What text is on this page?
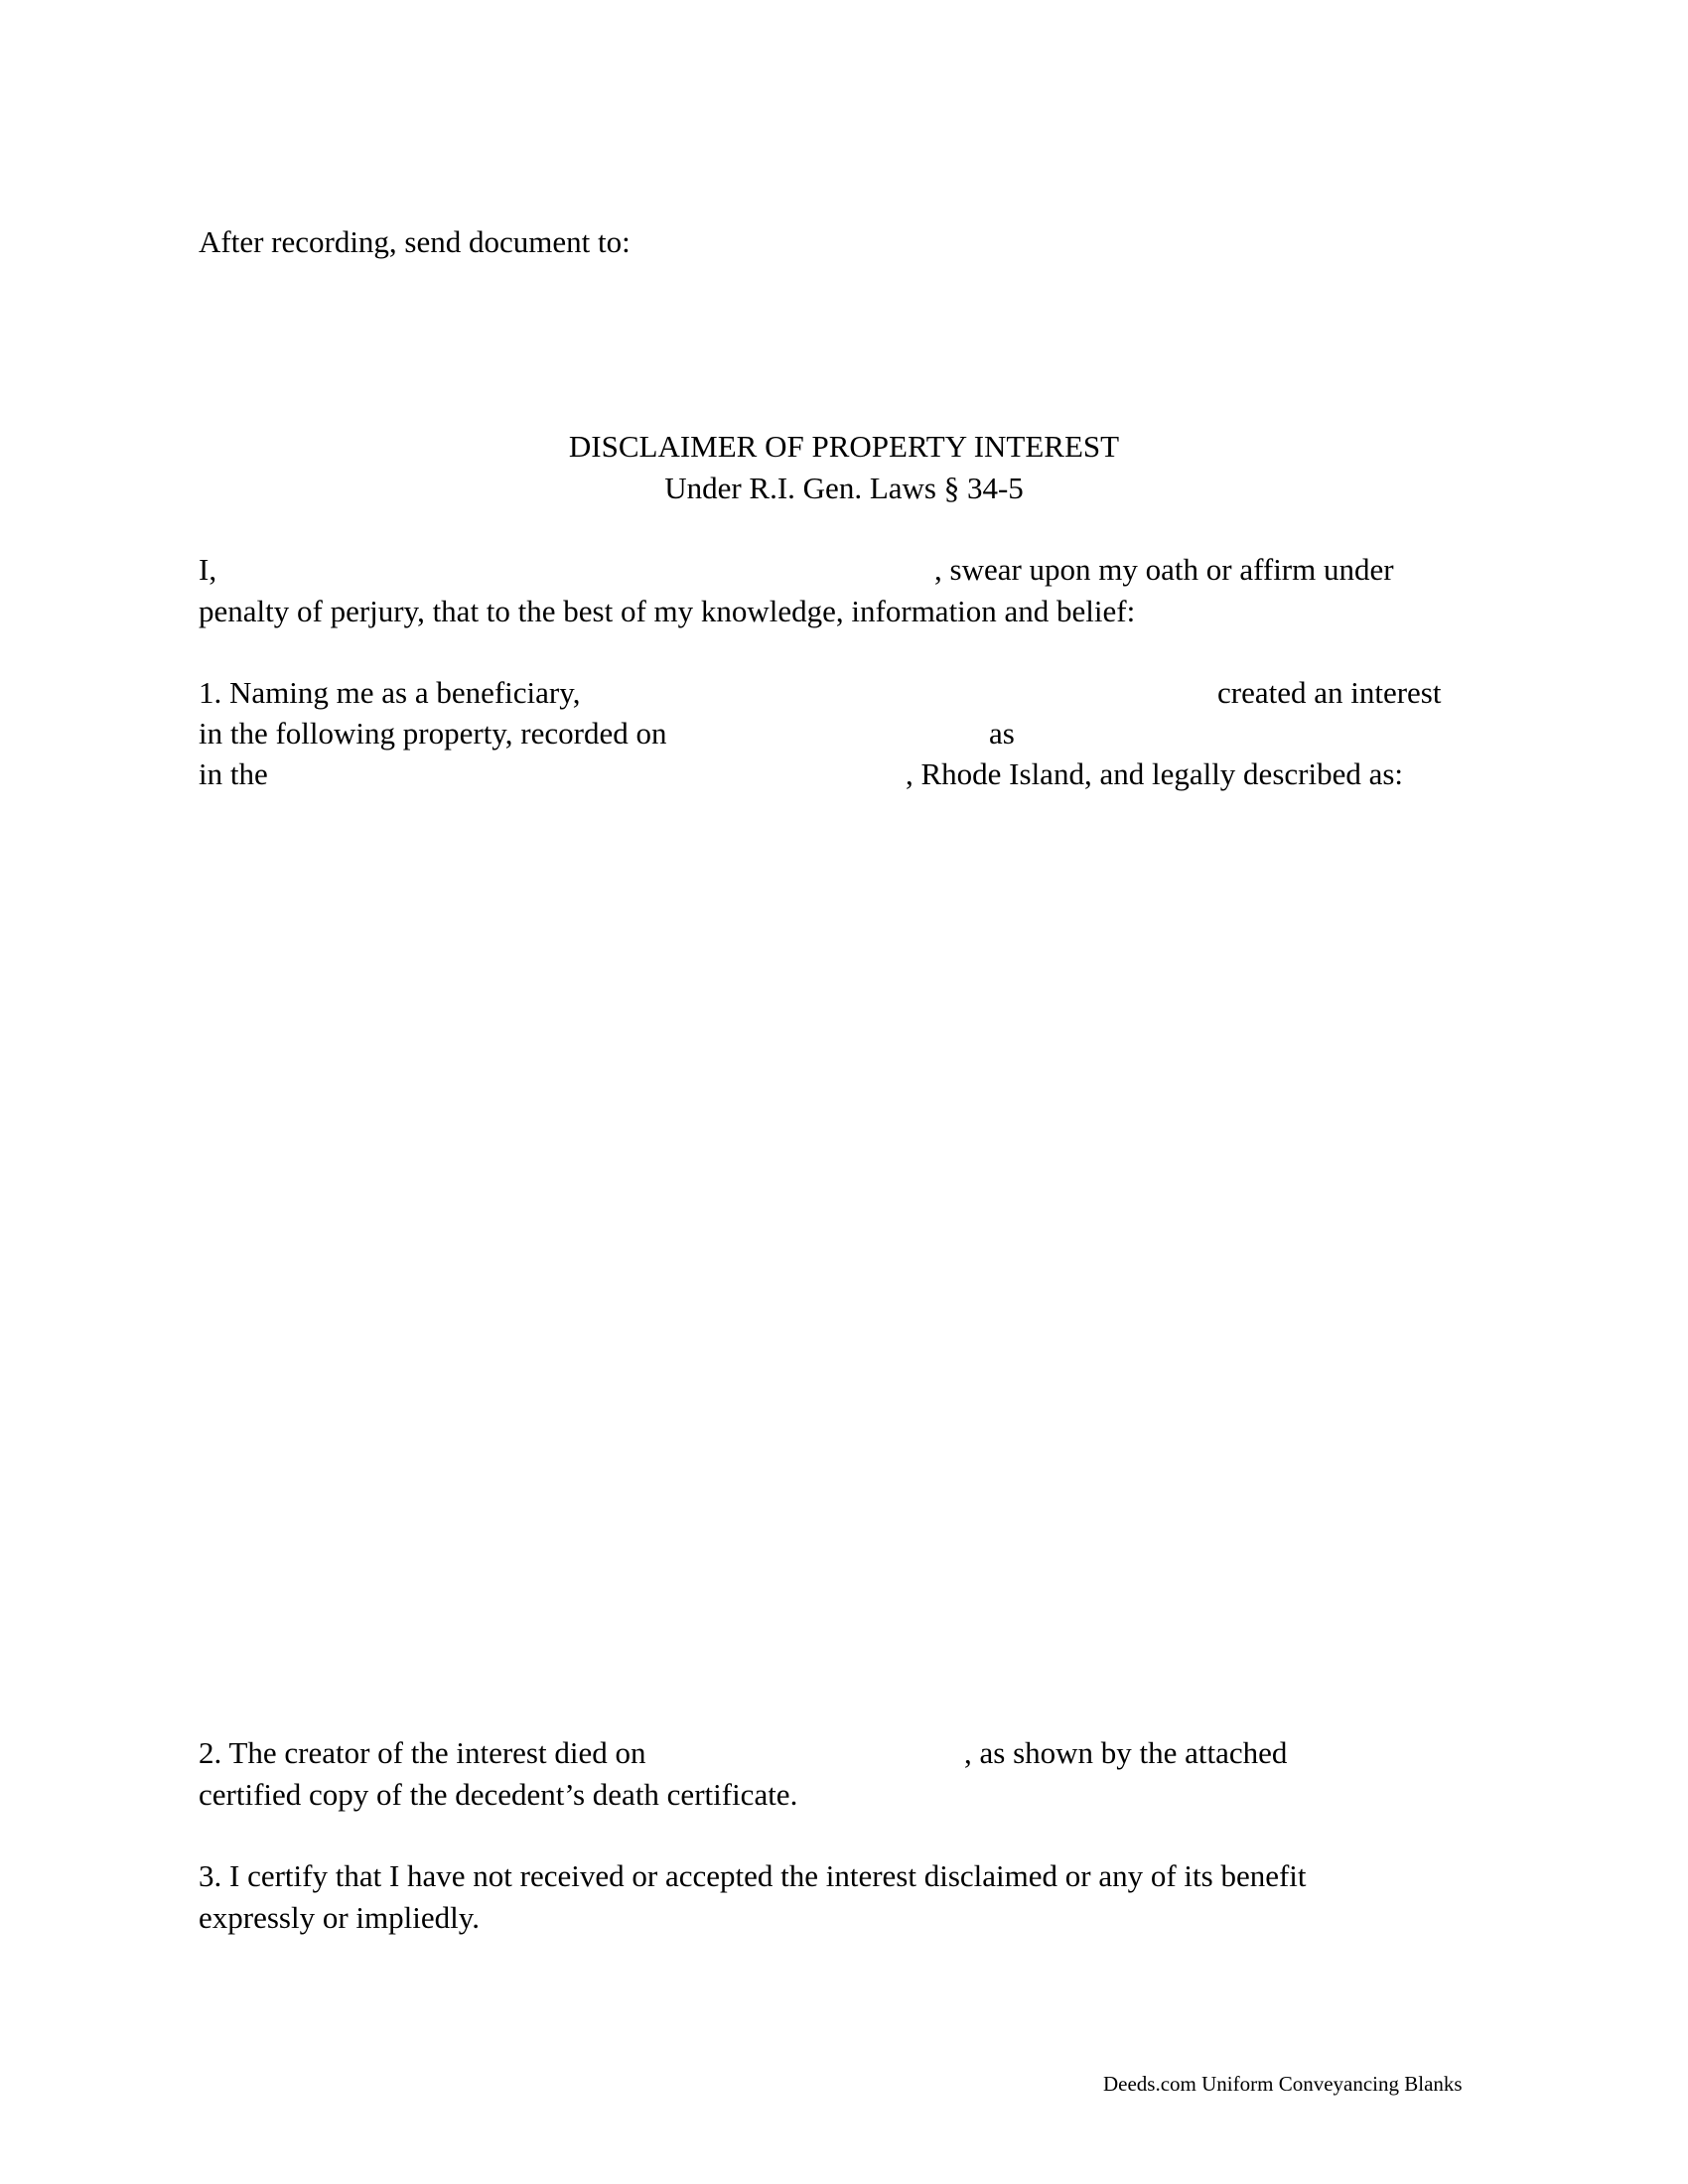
After recording, send document to:
DISCLAIMER OF PROPERTY INTEREST
Under R.I. Gen. Laws § 34-5
I,	, swear upon my oath or affirm under
penalty of perjury, that to the best of my knowledge, information and belief:
1. Naming me as a beneficiary,	created an interest
in the following property, recorded on	as
in the	, Rhode Island, and legally described as:
2. The creator of the interest died on	, as shown by the attached
certified copy of the decedent’s death certificate.
3. I certify that I have not received or accepted the interest disclaimed or any of its benefit
expressly or impliedly.
Deeds.com Uniform Conveyancing Blanks
